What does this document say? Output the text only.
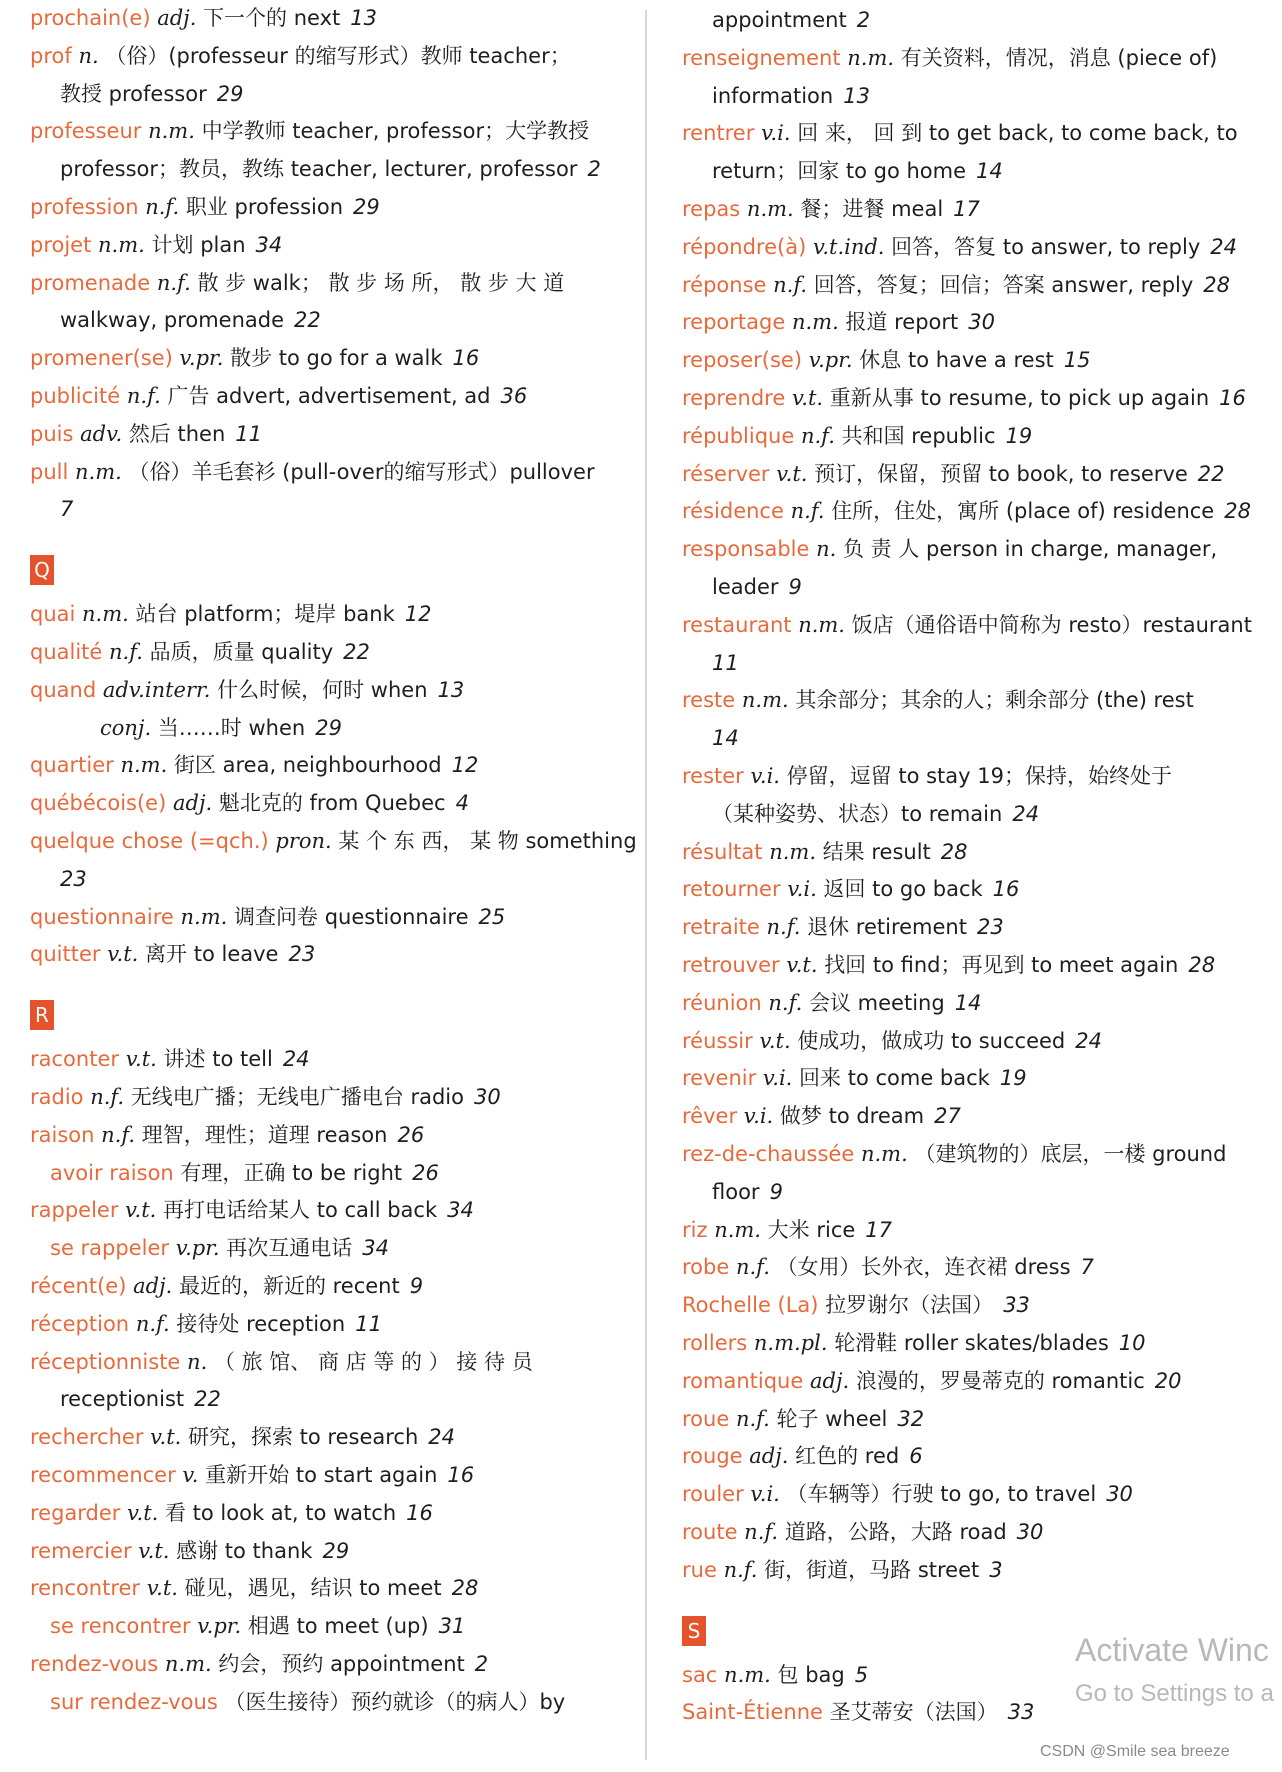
prochain(e) adj. 下一个的 next 13
prof n. （俗）(professeur 的缩写形式）教师 teacher；
教授 professor 29
professeur n.m. 中学教师 teacher, professor；大学教授
professor；教员，教练 teacher, lecturer, professor 2
profession n.f. 职业 profession 29
projet n.m. 计划 plan 34
promenade n.f. 散 步 walk； 散 步 场 所， 散 步 大 道
walkway, promenade 22
promener(se) v.pr. 散步 to go for a walk 16
publicité n.f. 广告 advert, advertisement, ad 36
puis adv. 然后 then 11
pull n.m. （俗）羊毛套衫 (pull-over的缩写形式）pullover
7
Q
quai n.m. 站台 platform；堤岸 bank 12
qualité n.f. 品质，质量 quality 22
quand adv.interr. 什么时候，何时 when 13
conj. 当……时 when 29
quartier n.m. 街区 area, neighbourhood 12
québécois(e) adj. 魁北克的 from Quebec 4
quelque chose (=qch.) pron. 某 个 东 西， 某 物 something
23
questionnaire n.m. 调查问卷 questionnaire 25
quitter v.t. 离开 to leave 23
R
raconter v.t. 讲述 to tell 24
radio n.f. 无线电广播；无线电广播电台 radio 30
raison n.f. 理智，理性；道理 reason 26
avoir raison 有理，正确 to be right 26
rappeler v.t. 再打电话给某人 to call back 34
se rappeler v.pr. 再次互通电话 34
récent(e) adj. 最近的，新近的 recent 9
réception n.f. 接待处 reception 11
réceptionniste n. （ 旅 馆、 商 店 等 的 ） 接 待 员
receptionist 22
rechercher v.t. 研究，探索 to research 24
recommencer v. 重新开始 to start again 16
regarder v.t. 看 to look at, to watch 16
remercier v.t. 感谢 to thank 29
rencontrer v.t. 碰见，遇见，结识 to meet 28
se rencontrer v.pr. 相遇 to meet (up) 31
rendez-vous n.m. 约会，预约 appointment 2
sur rendez-vous （医生接待）预约就诊（的病人）by
appointment 2
renseignement n.m. 有关资料，情况，消息 (piece of)
information 13
rentrer v.i. 回 来， 回 到 to get back, to come back, to
return；回家 to go home 14
repas n.m. 餐；进餐 meal 17
répondre(à) v.t.ind. 回答，答复 to answer, to reply 24
réponse n.f. 回答，答复；回信；答案 answer, reply 28
reportage n.m. 报道 report 30
reposer(se) v.pr. 休息 to have a rest 15
reprendre v.t. 重新从事 to resume, to pick up again 16
république n.f. 共和国 republic 19
réserver v.t. 预订，保留，预留 to book, to reserve 22
résidence n.f. 住所，住处，寓所 (place of) residence 28
responsable n. 负 责 人 person in charge, manager,
leader 9
restaurant n.m. 饭店（通俗语中简称为 resto）restaurant
11
reste n.m. 其余部分；其余的人；剩余部分 (the) rest
14
rester v.i. 停留，逗留 to stay 19；保持，始终处于
（某种姿势、状态）to remain 24
résultat n.m. 结果 result 28
retourner v.i. 返回 to go back 16
retraite n.f. 退休 retirement 23
retrouver v.t. 找回 to find；再见到 to meet again 28
réunion n.f. 会议 meeting 14
réussir v.t. 使成功，做成功 to succeed 24
revenir v.i. 回来 to come back 19
rêver v.i. 做梦 to dream 27
rez-de-chaussée n.m. （建筑物的）底层，一楼 ground
floor 9
riz n.m. 大米 rice 17
robe n.f. （女用）长外衣，连衣裙 dress 7
Rochelle (La) 拉罗谢尔（法国） 33
rollers n.m.pl. 轮滑鞋 roller skates/blades 10
romantique adj. 浪漫的，罗曼蒂克的 romantic 20
roue n.f. 轮子 wheel 32
rouge adj. 红色的 red 6
rouler v.i. （车辆等）行驶 to go, to travel 30
route n.f. 道路，公路，大路 road 30
rue n.f. 街，街道，马路 street 3
S
sac n.m. 包 bag 5
Saint-Étienne 圣艾蒂安（法国） 33
Activate Winc
Go to Settings to a
CSDN @Smile sea breeze
